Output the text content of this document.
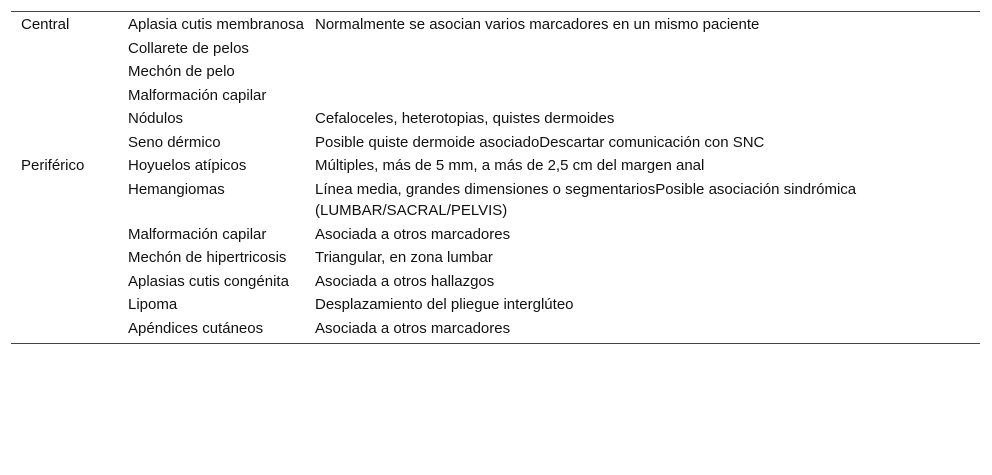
Central	Aplasia cutis membranosa	Normalmente se asocian varios marcadores en un mismo paciente
	Collarete de pelos	
	Mechón de pelo	
	Malformación capilar	
	Nódulos	Cefaloceles, heterotopias, quistes dermoides
	Seno dérmico	Posible quiste dermoide asociadoDescartar comunicación con SNC
Periférico	Hoyuelos atípicos	Múltiples, más de 5 mm, a más de 2,5 cm del margen anal
	Hemangiomas	Línea media, grandes dimensiones o segmentariosPosible asociación sindrómica (LUMBAR/SACRAL/PELVIS)
	Malformación capilar	Asociada a otros marcadores
	Mechón de hipertricosis	Triangular, en zona lumbar
	Aplasias cutis congénita	Asociada a otros hallazgos
	Lipoma	Desplazamiento del pliegue interglúteo
	Apéndices cutáneos	Asociada a otros marcadores
